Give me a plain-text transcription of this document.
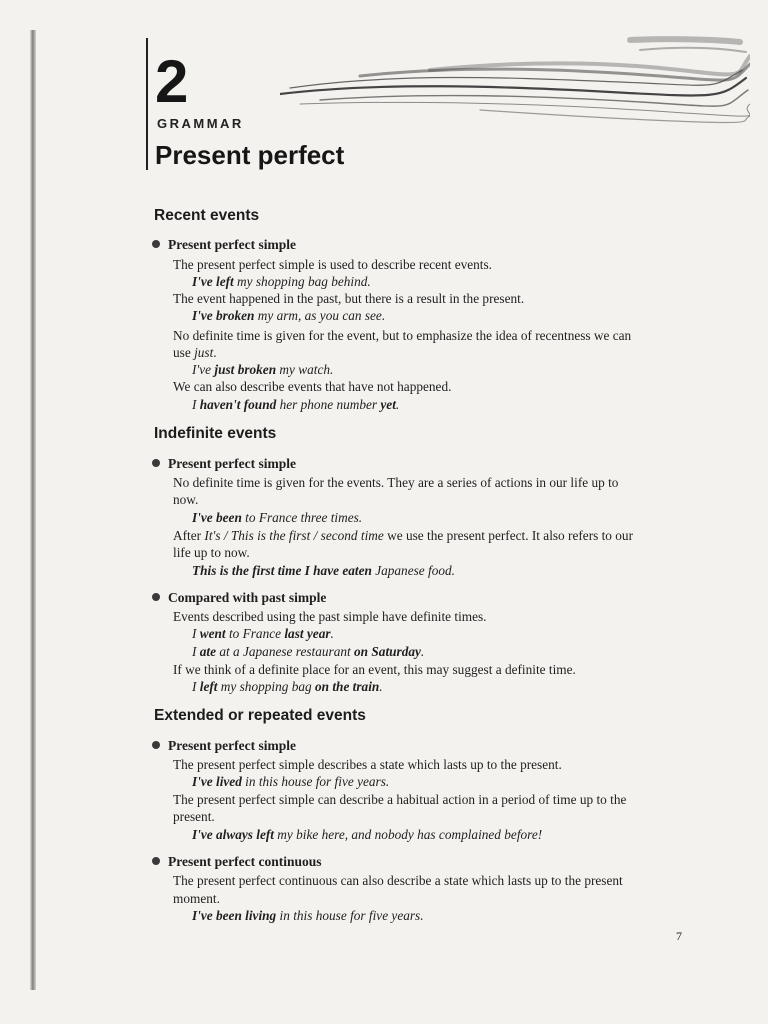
2
GRAMMAR
Present perfect
Recent events
Present perfect simple
The present perfect simple is used to describe recent events.
I've left my shopping bag behind.
The event happened in the past, but there is a result in the present.
I've broken my arm, as you can see.
No definite time is given for the event, but to emphasize the idea of recentness we can
use just.
I've just broken my watch.
We can also describe events that have not happened.
I haven't found her phone number yet.
Indefinite events
Present perfect simple
No definite time is given for the events. They are a series of actions in our life up to
now.
I've been to France three times.
After It's / This is the first / second time we use the present perfect. It also refers to our
life up to now.
This is the first time I have eaten Japanese food.
Compared with past simple
Events described using the past simple have definite times.
I went to France last year.
I ate at a Japanese restaurant on Saturday.
If we think of a definite place for an event, this may suggest a definite time.
I left my shopping bag on the train.
Extended or repeated events
Present perfect simple
The present perfect simple describes a state which lasts up to the present.
I've lived in this house for five years.
The present perfect simple can describe a habitual action in a period of time up to the
present.
I've always left my bike here, and nobody has complained before!
Present perfect continuous
The present perfect continuous can also describe a state which lasts up to the present
moment.
I've been living in this house for five years.
7
